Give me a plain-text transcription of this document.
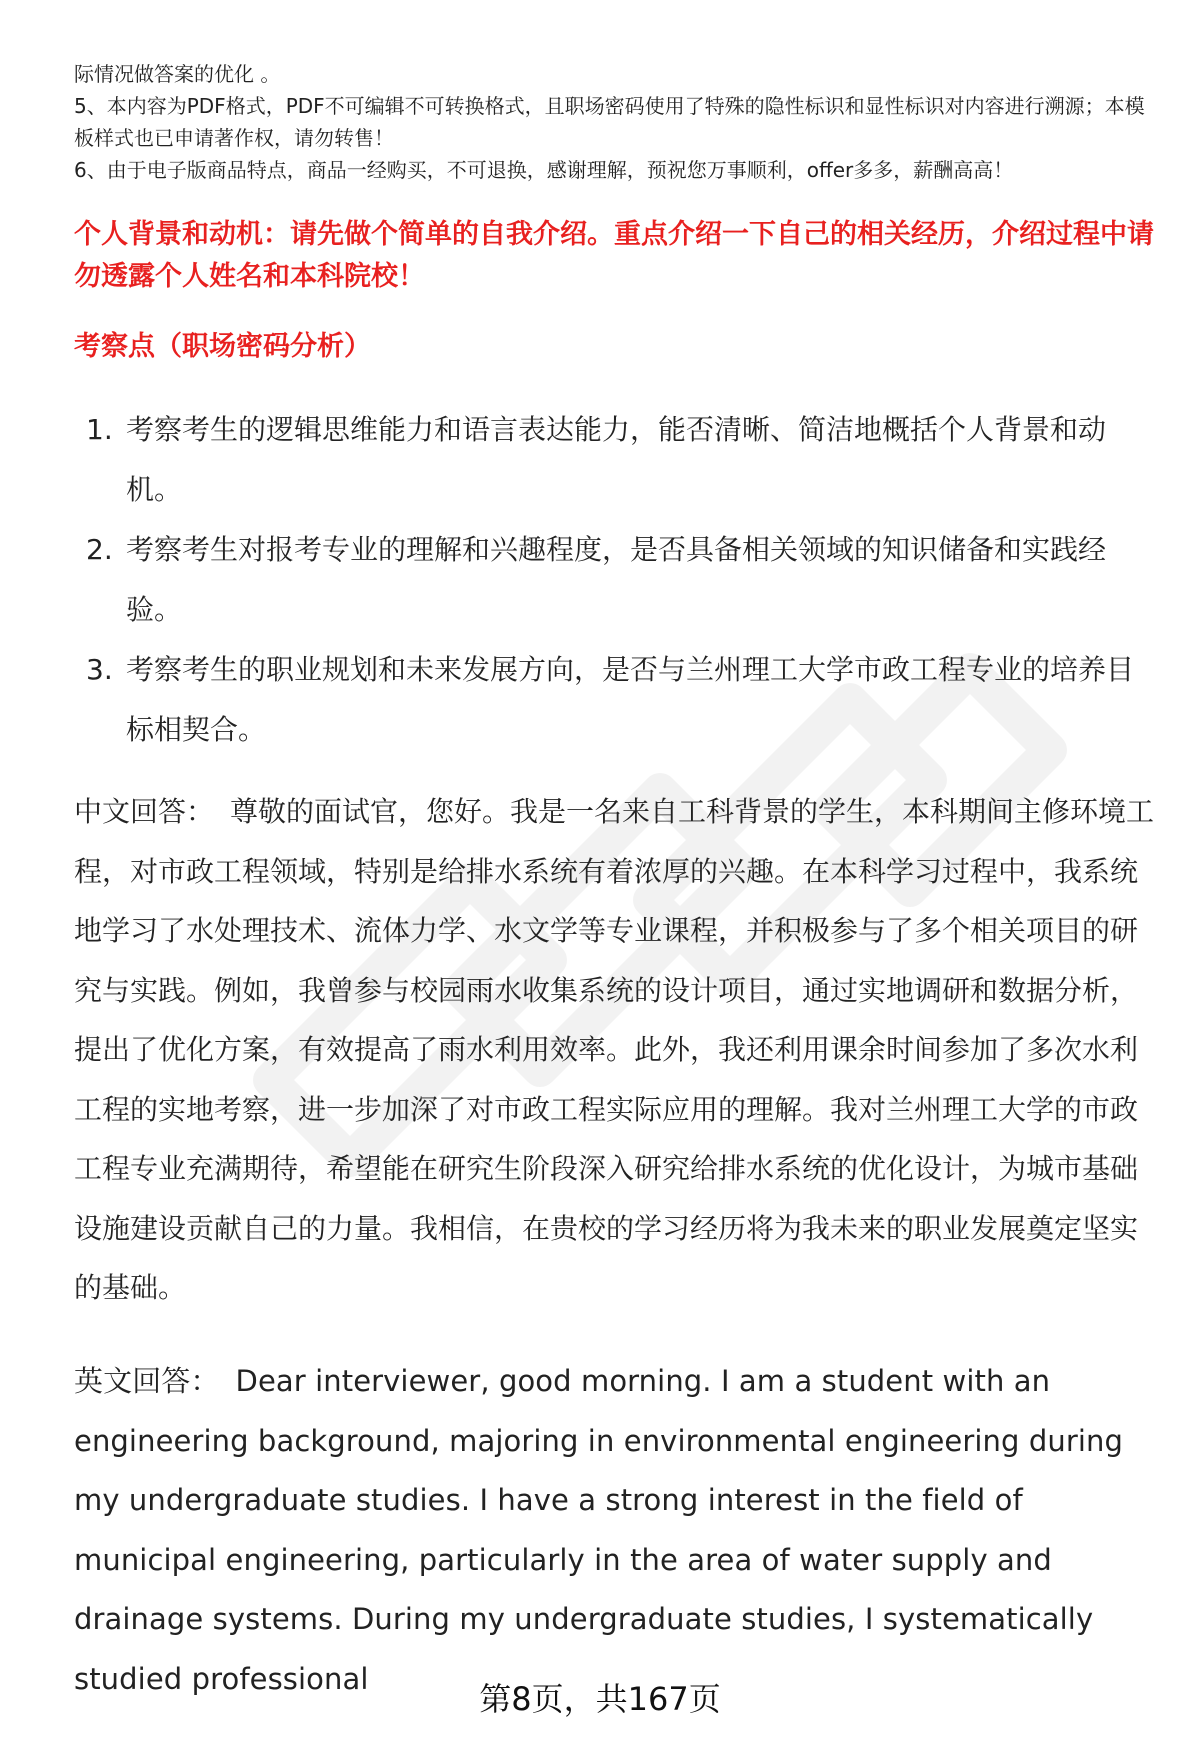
际情况做答案的优化 。

5、本内容为PDF格式，PDF不可编辑不可转换格式，且职场密码使用了特殊的隐性标识和显性标识对内容进行溯源；本模板样式也已申请著作权，请勿转售！

6、由于电子版商品特点，商品一经购买，不可退换，感谢理解，预祝您万事顺利，offer多多，薪酬高高！

个人背景和动机：请先做个简单的自我介绍。重点介绍一下自己的相关经历，介绍过程中请勿透露个人姓名和本科院校！

考察点（职场密码分析）

1. 考察考生的逻辑思维能力和语言表达能力，能否清晰、简洁地概括个人背景和动机。
2. 考察考生对报考专业的理解和兴趣程度，是否具备相关领域的知识储备和实践经验。
3. 考察考生的职业规划和未来发展方向，是否与兰州理工大学市政工程专业的培养目标相契合。

中文回答： 尊敬的面试官，您好。我是一名来自工科背景的学生，本科期间主修环境工程，对市政工程领域，特别是给排水系统有着浓厚的兴趣。在本科学习过程中，我系统地学习了水处理技术、流体力学、水文学等专业课程，并积极参与了多个相关项目的研究与实践。例如，我曾参与校园雨水收集系统的设计项目，通过实地调研和数据分析，提出了优化方案，有效提高了雨水利用效率。此外，我还利用课余时间参加了多次水利工程的实地考察，进一步加深了对市政工程实际应用的理解。我对兰州理工大学的市政工程专业充满期待，希望能在研究生阶段深入研究给排水系统的优化设计，为城市基础设施建设贡献自己的力量。我相信，在贵校的学习经历将为我未来的职业发展奠定坚实的基础。

英文回答： Dear interviewer, good morning. I am a student with an engineering background, majoring in environmental engineering during my undergraduate studies. I have a strong interest in the field of municipal engineering, particularly in the area of water supply and drainage systems. During my undergraduate studies, I systematically studied professional

第8页，共167页
